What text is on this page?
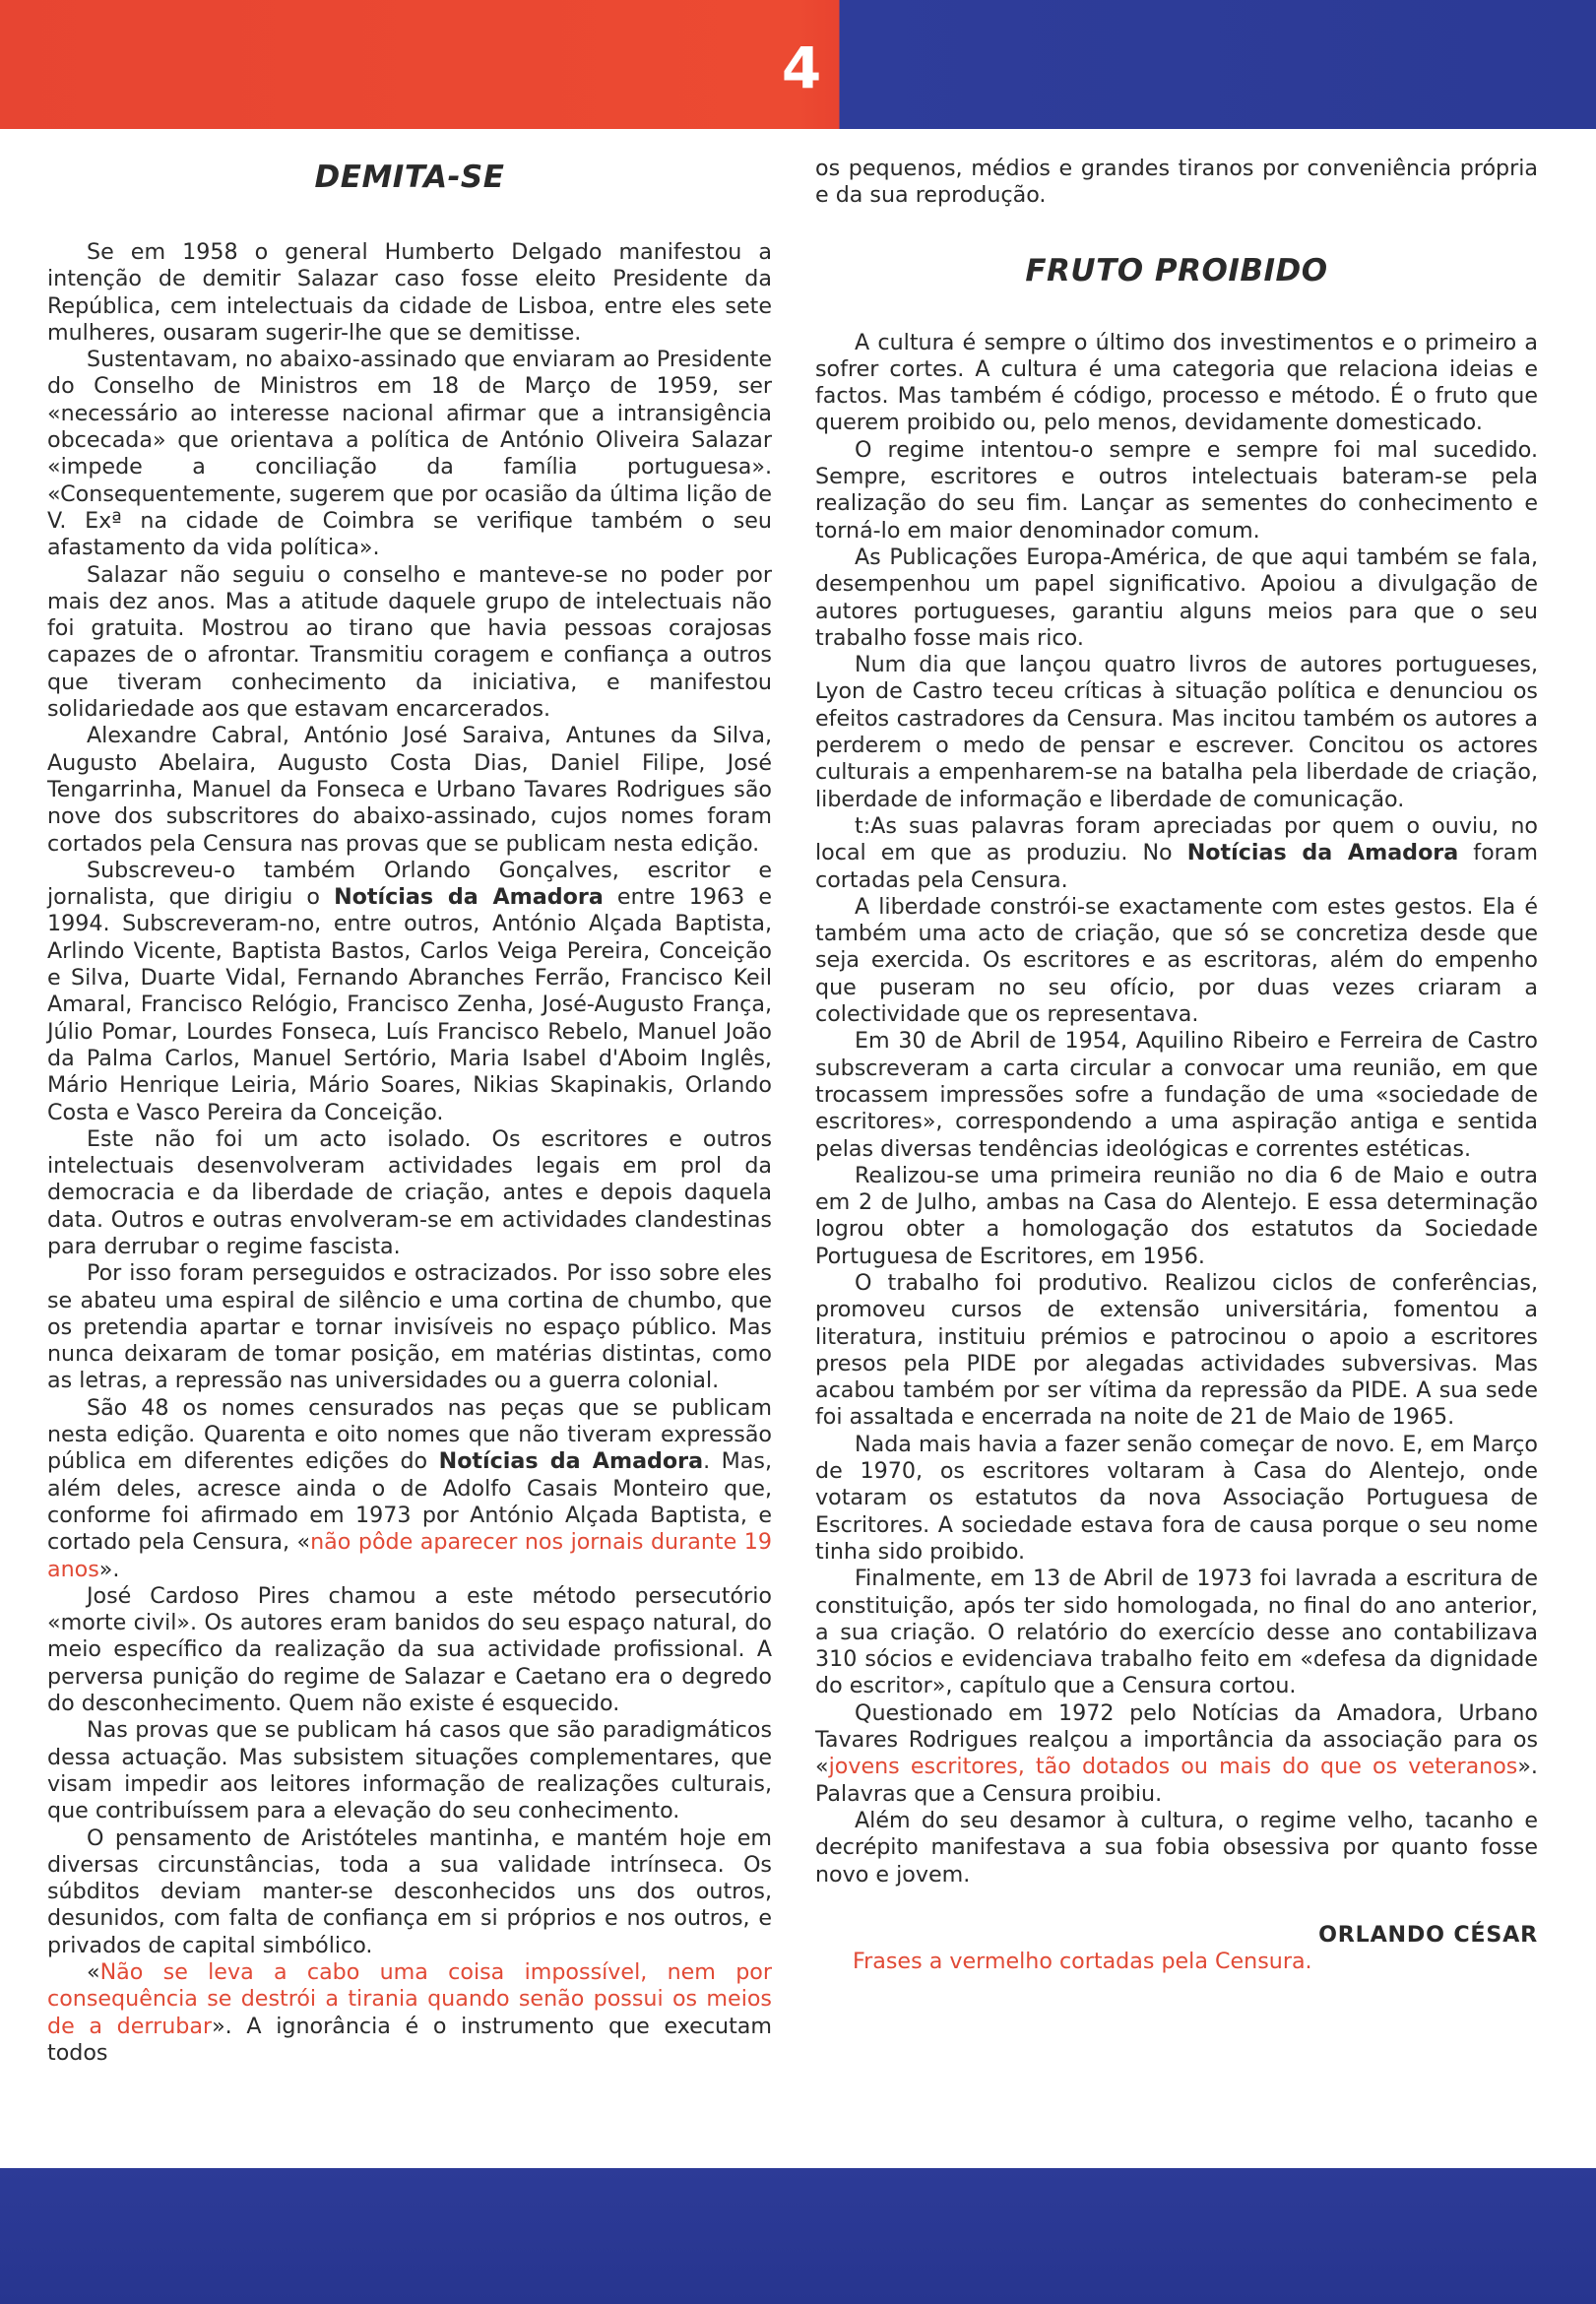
4
DEMITA-SE

Se em 1958 o general Humberto Delgado manifestou a intenção de demitir Salazar caso fosse eleito Presidente da República, cem intelectuais da cidade de Lisboa, entre eles sete mulheres, ousaram sugerir-lhe que se demitisse.

Sustentavam, no abaixo-assinado que enviaram ao Presidente do Conselho de Ministros em 18 de Março de 1959, ser «necessário ao interesse nacional afirmar que a intransigência obcecada» que orientava a política de António Oliveira Salazar «impede a conciliação da família portuguesa». «Consequentemente, sugerem que por ocasião da última lição de V. Exª na cidade de Coimbra se verifique também o seu afastamento da vida política».

Salazar não seguiu o conselho e manteve-se no poder por mais dez anos. Mas a atitude daquele grupo de intelectuais não foi gratuita. Mostrou ao tirano que havia pessoas corajosas capazes de o afrontar. Transmitiu coragem e confiança a outros que tiveram conhecimento da iniciativa, e manifestou solidariedade aos que estavam encarcerados.

Alexandre Cabral, António José Saraiva, Antunes da Silva, Augusto Abelaira, Augusto Costa Dias, Daniel Filipe, José Tengarrinha, Manuel da Fonseca e Urbano Tavares Rodrigues são nove dos subscritores do abaixo-assinado, cujos nomes foram cortados pela Censura nas provas que se publicam nesta edição.

Subscreveu-o também Orlando Gonçalves, escritor e jornalista, que dirigiu o Notícias da Amadora entre 1963 e 1994. Subscreveram-no, entre outros, António Alçada Baptista, Arlindo Vicente, Baptista Bastos, Carlos Veiga Pereira, Conceição e Silva, Duarte Vidal, Fernando Abranches Ferrão, Francisco Keil Amaral, Francisco Relógio, Francisco Zenha, José-Augusto França, Júlio Pomar, Lourdes Fonseca, Luís Francisco Rebelo, Manuel João da Palma Carlos, Manuel Sertório, Maria Isabel d'Aboim Inglês, Mário Henrique Leiria, Mário Soares, Nikias Skapinakis, Orlando Costa e Vasco Pereira da Conceição.

Este não foi um acto isolado. Os escritores e outros intelectuais desenvolveram actividades legais em prol da democracia e da liberdade de criação, antes e depois daquela data. Outros e outras envolveram-se em actividades clandestinas para derrubar o regime fascista.

Por isso foram perseguidos e ostracizados. Por isso sobre eles se abateu uma espiral de silêncio e uma cortina de chumbo, que os pretendia apartar e tornar invisíveis no espaço público. Mas nunca deixaram de tomar posição, em matérias distintas, como as letras, a repressão nas universidades ou a guerra colonial.

São 48 os nomes censurados nas peças que se publicam nesta edição. Quarenta e oito nomes que não tiveram expressão pública em diferentes edições do Notícias da Amadora. Mas, além deles, acresce ainda o de Adolfo Casais Monteiro que, conforme foi afirmado em 1973 por António Alçada Baptista, e cortado pela Censura, «não pôde aparecer nos jornais durante 19 anos».

José Cardoso Pires chamou a este método persecutório «morte civil». Os autores eram banidos do seu espaço natural, do meio específico da realização da sua actividade profissional. A perversa punição do regime de Salazar e Caetano era o degredo do desconhecimento. Quem não existe é esquecido.

Nas provas que se publicam há casos que são paradigmáticos dessa actuação. Mas subsistem situações complementares, que visam impedir aos leitores informação de realizações culturais, que contribuíssem para a elevação do seu conhecimento.

O pensamento de Aristóteles mantinha, e mantém hoje em diversas circunstâncias, toda a sua validade intrínseca. Os súbditos deviam manter-se desconhecidos uns dos outros, desunidos, com falta de confiança em si próprios e nos outros, e privados de capital simbólico.

«Não se leva a cabo uma coisa impossível, nem por consequência se destrói a tirania quando senão possui os meios de a derrubar». A ignorância é o instrumento que executam todos

os pequenos, médios e grandes tiranos por conveniência própria e da sua reprodução.

FRUTO PROIBIDO

A cultura é sempre o último dos investimentos e o primeiro a sofrer cortes. A cultura é uma categoria que relaciona ideias e factos. Mas também é código, processo e método. É o fruto que querem proibido ou, pelo menos, devidamente domesticado.

O regime intentou-o sempre e sempre foi mal sucedido. Sempre, escritores e outros intelectuais bateram-se pela realização do seu fim. Lançar as sementes do conhecimento e torná-lo em maior denominador comum.

As Publicações Europa-América, de que aqui também se fala, desempenhou um papel significativo. Apoiou a divulgação de autores portugueses, garantiu alguns meios para que o seu trabalho fosse mais rico.

Num dia que lançou quatro livros de autores portugueses, Lyon de Castro teceu críticas à situação política e denunciou os efeitos castradores da Censura. Mas incitou também os autores a perderem o medo de pensar e escrever. Concitou os actores culturais a empenharem-se na batalha pela liberdade de criação, liberdade de informação e liberdade de comunicação.

t:As suas palavras foram apreciadas por quem o ouviu, no local em que as produziu. No Notícias da Amadora foram cortadas pela Censura.

A liberdade constrói-se exactamente com estes gestos. Ela é também uma acto de criação, que só se concretiza desde que seja exercida. Os escritores e as escritoras, além do empenho que puseram no seu ofício, por duas vezes criaram a colectividade que os representava.

Em 30 de Abril de 1954, Aquilino Ribeiro e Ferreira de Castro subscreveram a carta circular a convocar uma reunião, em que trocassem impressões sofre a fundação de uma «sociedade de escritores», correspondendo a uma aspiração antiga e sentida pelas diversas tendências ideológicas e correntes estéticas.

Realizou-se uma primeira reunião no dia 6 de Maio e outra em 2 de Julho, ambas na Casa do Alentejo. E essa determinação logrou obter a homologação dos estatutos da Sociedade Portuguesa de Escritores, em 1956.

O trabalho foi produtivo. Realizou ciclos de conferências, promoveu cursos de extensão universitária, fomentou a literatura, instituiu prémios e patrocinou o apoio a escritores presos pela PIDE por alegadas actividades subversivas. Mas acabou também por ser vítima da repressão da PIDE. A sua sede foi assaltada e encerrada na noite de 21 de Maio de 1965.

Nada mais havia a fazer senão começar de novo. E, em Março de 1970, os escritores voltaram à Casa do Alentejo, onde votaram os estatutos da nova Associação Portuguesa de Escritores. A sociedade estava fora de causa porque o seu nome tinha sido proibido.

Finalmente, em 13 de Abril de 1973 foi lavrada a escritura de constituição, após ter sido homologada, no final do ano anterior, a sua criação. O relatório do exercício desse ano contabilizava 310 sócios e evidenciava trabalho feito em «defesa da dignidade do escritor», capítulo que a Censura cortou.

Questionado em 1972 pelo Notícias da Amadora, Urbano Tavares Rodrigues realçou a importância da associação para os «jovens escritores, tão dotados ou mais do que os veteranos». Palavras que a Censura proibiu.

Além do seu desamor à cultura, o regime velho, tacanho e decrépito manifestava a sua fobia obsessiva por quanto fosse novo e jovem.

ORLANDO CÉSAR

Frases a vermelho cortadas pela Censura.
